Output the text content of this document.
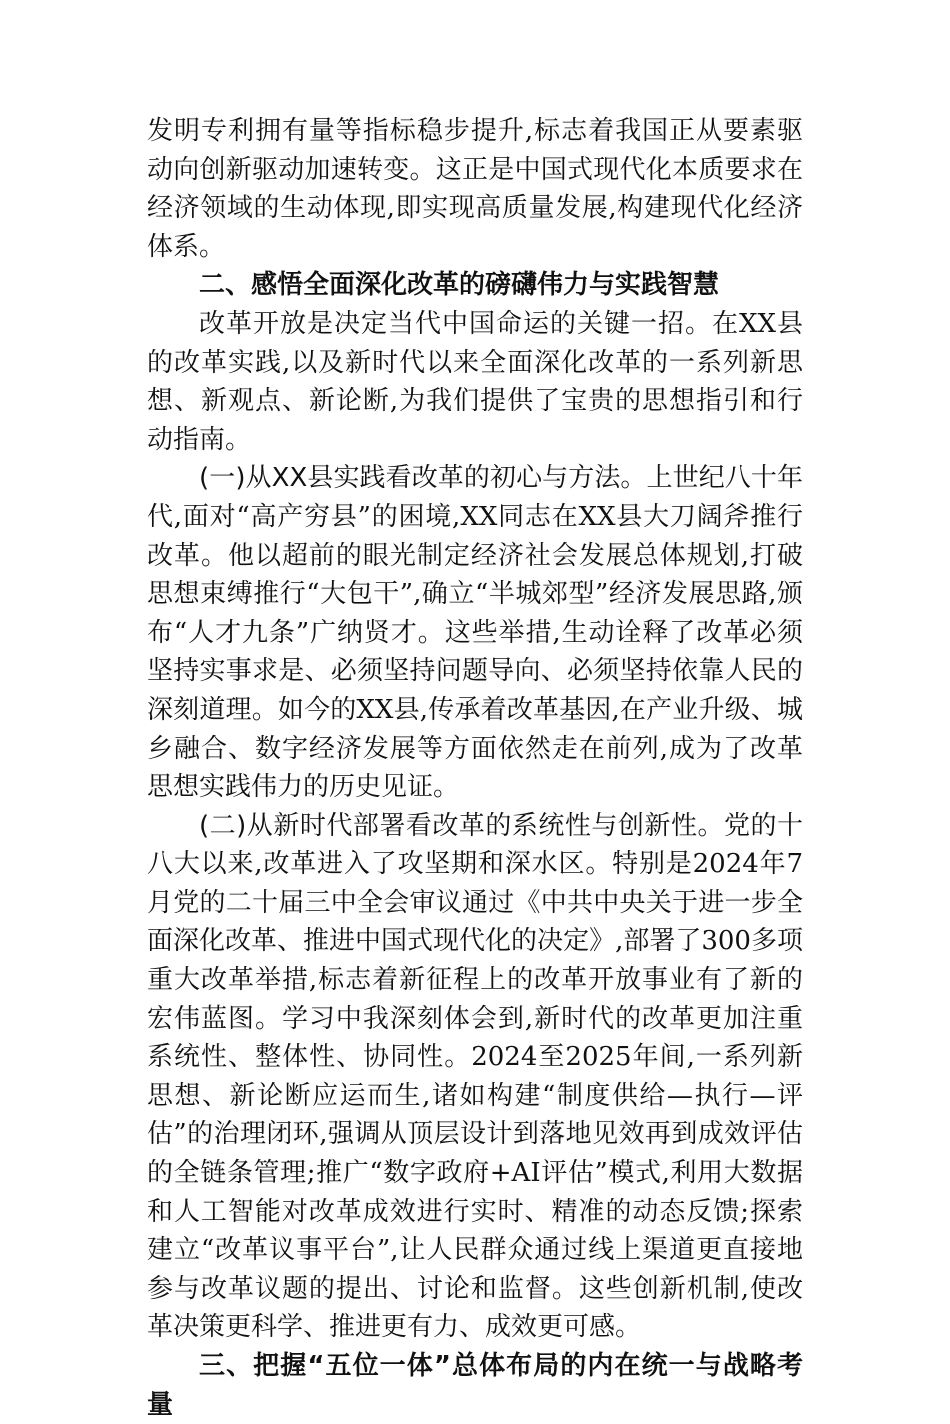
发明专利拥有量等指标稳步提升,标志着我国正从要素驱动向创新驱动加速转变。这正是中国式现代化本质要求在经济领域的生动体现,即实现高质量发展,构建现代化经济体系。

二、感悟全面深化改革的磅礴伟力与实践智慧

改革开放是决定当代中国命运的关键一招。在XX县的改革实践,以及新时代以来全面深化改革的一系列新思想、新观点、新论断,为我们提供了宝贵的思想指引和行动指南。

(一)从XX县实践看改革的初心与方法。上世纪八十年代,面对“高产穷县”的困境,XX同志在XX县大刀阔斧推行改革。他以超前的眼光制定经济社会发展总体规划,打破思想束缚推行“大包干”,确立“半城郊型”经济发展思路,颁布“人才九条”广纳贤才。这些举措,生动诠释了改革必须坚持实事求是、必须坚持问题导向、必须坚持依靠人民的深刻道理。如今的XX县,传承着改革基因,在产业升级、城乡融合、数字经济发展等方面依然走在前列,成为了改革思想实践伟力的历史见证。

(二)从新时代部署看改革的系统性与创新性。党的十八大以来,改革进入了攻坚期和深水区。特别是2024年7月党的二十届三中全会审议通过《中共中央关于进一步全面深化改革、推进中国式现代化的决定》,部署了300多项重大改革举措,标志着新征程上的改革开放事业有了新的宏伟蓝图。学习中我深刻体会到,新时代的改革更加注重系统性、整体性、协同性。2024至2025年间,一系列新思想、新论断应运而生,诸如构建“制度供给—执行—评估”的治理闭环,强调从顶层设计到落地见效再到成效评估的全链条管理;推广“数字政府+AI评估”模式,利用大数据和人工智能对改革成效进行实时、精准的动态反馈;探索建立“改革议事平台”,让人民群众通过线上渠道更直接地参与改革议题的提出、讨论和监督。这些创新机制,使改革决策更科学、推进更有力、成效更可感。

三、把握“五位一体”总体布局的内在统一与战略考量
